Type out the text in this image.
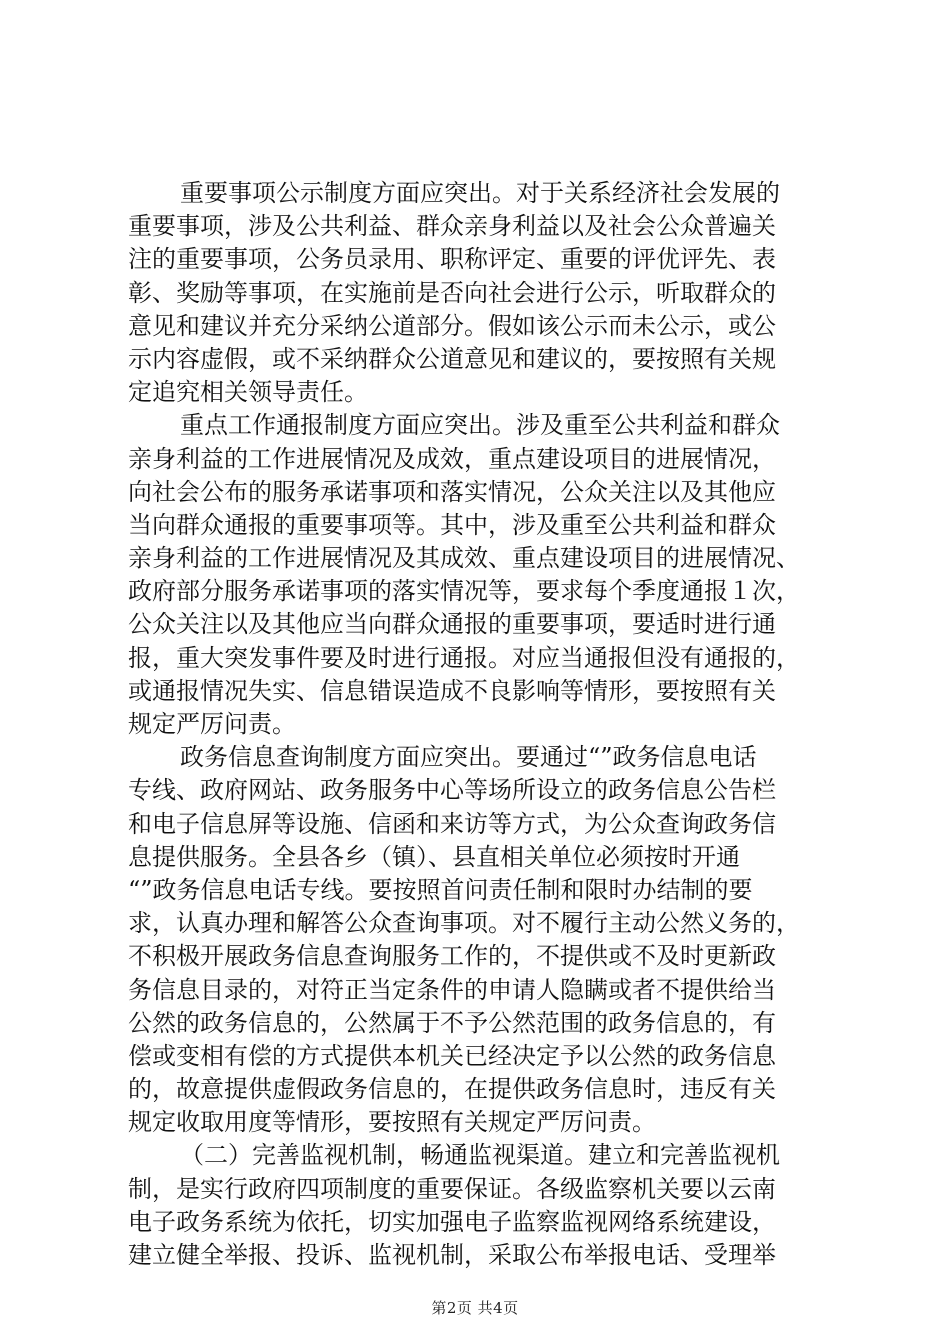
重要事项公示制度方面应突出。对于关系经济社会发展的
重要事项，涉及公共利益、群众亲身利益以及社会公众普遍关
注的重要事项，公务员录用、职称评定、重要的评优评先、表
彰、奖励等事项，在实施前是否向社会进行公示，听取群众的
意见和建议并充分采纳公道部分。假如该公示而未公示，或公
示内容虚假，或不采纳群众公道意见和建议的，要按照有关规
定追究相关领导责任。
重点工作通报制度方面应突出。涉及重至公共利益和群众
亲身利益的工作进展情况及成效，重点建设项目的进展情况，
向社会公布的服务承诺事项和落实情况，公众关注以及其他应
当向群众通报的重要事项等。其中，涉及重至公共利益和群众
亲身利益的工作进展情况及其成效、重点建设项目的进展情况、
政府部分服务承诺事项的落实情况等，要求每个季度通报１次，
公众关注以及其他应当向群众通报的重要事项，要适时进行通
报，重大突发事件要及时进行通报。对应当通报但没有通报的，
或通报情况失实、信息错误造成不良影响等情形，要按照有关
规定严厉问责。
政务信息查询制度方面应突出。要通过“”政务信息电话
专线、政府网站、政务服务中心等场所设立的政务信息公告栏
和电子信息屏等设施、信函和来访等方式，为公众查询政务信
息提供服务。全县各乡（镇）、县直相关单位必须按时开通
“”政务信息电话专线。要按照首问责任制和限时办结制的要
求，认真办理和解答公众查询事项。对不履行主动公然义务的，
不积极开展政务信息查询服务工作的，不提供或不及时更新政
务信息目录的，对符正当定条件的申请人隐瞒或者不提供给当
公然的政务信息的，公然属于不予公然范围的政务信息的，有
偿或变相有偿的方式提供本机关已经决定予以公然的政务信息
的，故意提供虚假政务信息的，在提供政务信息时，违反有关
规定收取用度等情形，要按照有关规定严厉问责。
（二）完善监视机制，畅通监视渠道。建立和完善监视机
制，是实行政府四项制度的重要保证。各级监察机关要以云南
电子政务系统为依托，切实加强电子监察监视网络系统建设，
建立健全举报、投诉、监视机制，采取公布举报电话、受理举
第2页 共4页
